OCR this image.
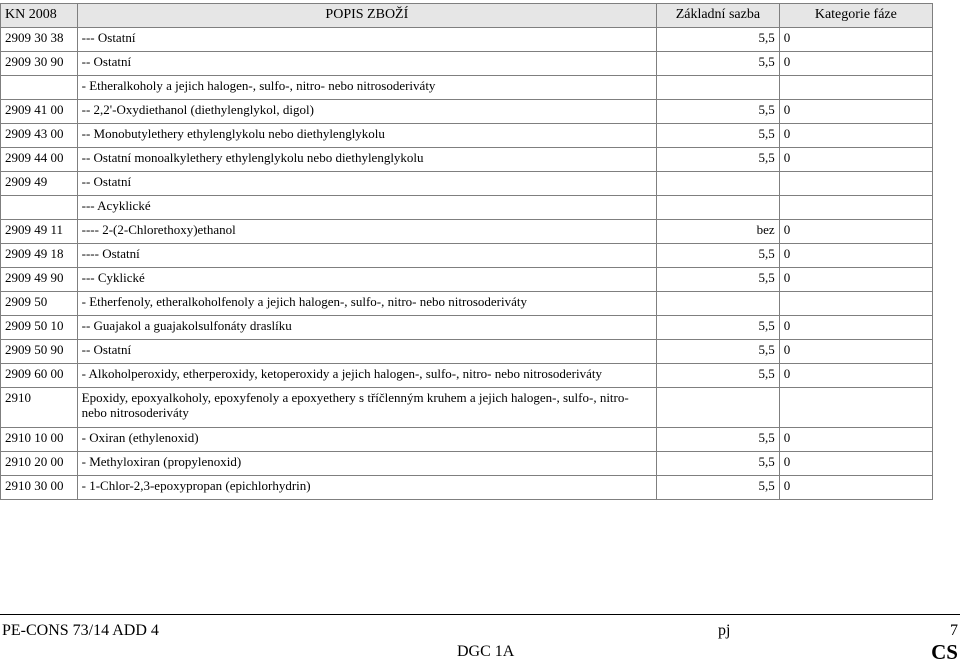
KN 2008	POPIS ZBOŽÍ	Základní sazba	Kategorie fáze
2909 30 38	--- Ostatní	5,5	0
2909 30 90	-- Ostatní	5,5	0
	- Etheralkoholy a jejich halogen-, sulfo-, nitro- nebo nitrosoderiváty		
2909 41 00	-- 2,2'-Oxydiethanol (diethylenglykol, digol)	5,5	0
2909 43 00	-- Monobutylethery ethylenglykolu nebo diethylenglykolu	5,5	0
2909 44 00	-- Ostatní monoalkylethery ethylenglykolu nebo diethylenglykolu	5,5	0
2909 49	-- Ostatní		
	--- Acyklické		
2909 49 11	---- 2-(2-Chlorethoxy)ethanol	bez	0
2909 49 18	---- Ostatní	5,5	0
2909 49 90	--- Cyklické	5,5	0
2909 50	- Etherfenoly, etheralkoholfenoly a jejich halogen-, sulfo-, nitro- nebo nitrosoderiváty		
2909 50 10	-- Guajakol a guajakolsulfonáty draslíku	5,5	0
2909 50 90	-- Ostatní	5,5	0
2909 60 00	- Alkoholperoxidy, etherperoxidy, ketoperoxidy a jejich halogen-, sulfo-, nitro- nebo nitrosoderiváty	5,5	0
2910	Epoxidy, epoxyalkoholy, epoxyfenoly a epoxyethery s tříčlenným kruhem a jejich halogen-, sulfo-, nitro- nebo nitrosoderiváty		
2910 10 00	- Oxiran (ethylenoxid)	5,5	0
2910 20 00	- Methyloxiran (propylenoxid)	5,5	0
2910 30 00	- 1-Chlor-2,3-epoxypropan (epichlorhydrin)	5,5	0
PE-CONS 73/14 ADD 4	pj	7
DGC 1A	CS
